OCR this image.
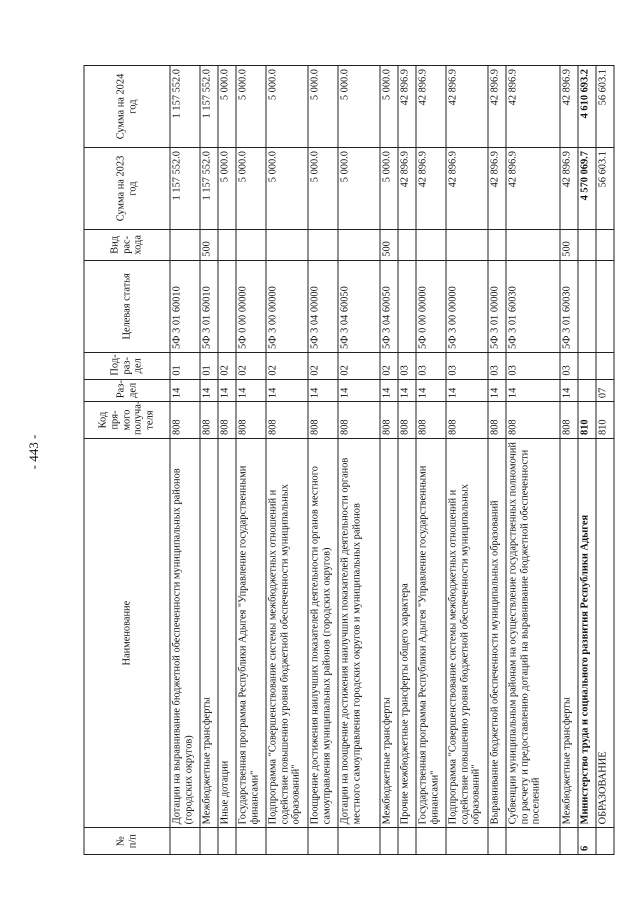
- 443 -
№ п/п	Наименование	Код пря- мого получа- теля	Раз- дел	Под- раз- дел	Целевая статья	Вид рас- хода	Сумма на 2023 год	Сумма на 2024 год
	Дотации на выравнивание бюджетной обеспеченности муниципальных районов (городских округов)	808	14	01	5Ф 3 01 60010		1 157 552.0	1 157 552.0
	Межбюджетные трансферты	808	14	01	5Ф 3 01 60010	500	1 157 552.0	1 157 552.0
	Иные дотации	808	14	02			5 000.0	5 000.0
	Государственная программа Республики Адыгея "Управление государственными финансами"	808	14	02	5Ф 0 00 00000		5 000.0	5 000.0
	Подпрограмма "Совершенствование системы межбюджетных отношений и содействие повышению уровня бюджетной обеспеченности муниципальных образований"	808	14	02	5Ф 3 00 00000		5 000.0	5 000.0
	Поощрение достижения наилучших показателей деятельности органов местного самоуправления муниципальных районов (городских округов)	808	14	02	5Ф 3 04 00000		5 000.0	5 000.0
	Дотации на поощрение достижения наилучших показателей деятельности органов местного самоуправления городских округов и муниципальных районов	808	14	02	5Ф 3 04 60050		5 000.0	5 000.0
	Межбюджетные трансферты	808	14	02	5Ф 3 04 60050	500	5 000.0	5 000.0
	Прочие межбюджетные трансферты общего характера	808	14	03			42 896.9	42 896.9
	Государственная программа Республики Адыгея "Управление государственными финансами"	808	14	03	5Ф 0 00 00000		42 896.9	42 896.9
	Подпрограмма "Совершенствование системы межбюджетных отношений и содействие повышению уровня бюджетной обеспеченности муниципальных образований"	808	14	03	5Ф 3 00 00000		42 896.9	42 896.9
	Выравнивание бюджетной обеспеченности муниципальных образований	808	14	03	5Ф 3 01 00000		42 896.9	42 896.9
	Субвенции муниципальным районам на осуществление государственных полномочий по расчету и предоставлению дотаций на выравнивание бюджетной обеспеченности поселений	808	14	03	5Ф 3 01 60030		42 896.9	42 896.9
	Межбюджетные трансферты	808	14	03	5Ф 3 01 60030	500	42 896.9	42 896.9
6	Министерство труда и социального развития Республики Адыгея	810					4 570 069.7	4 610 693.2
	ОБРАЗОВАНИЕ	810	07				56 603.1	56 603.1
